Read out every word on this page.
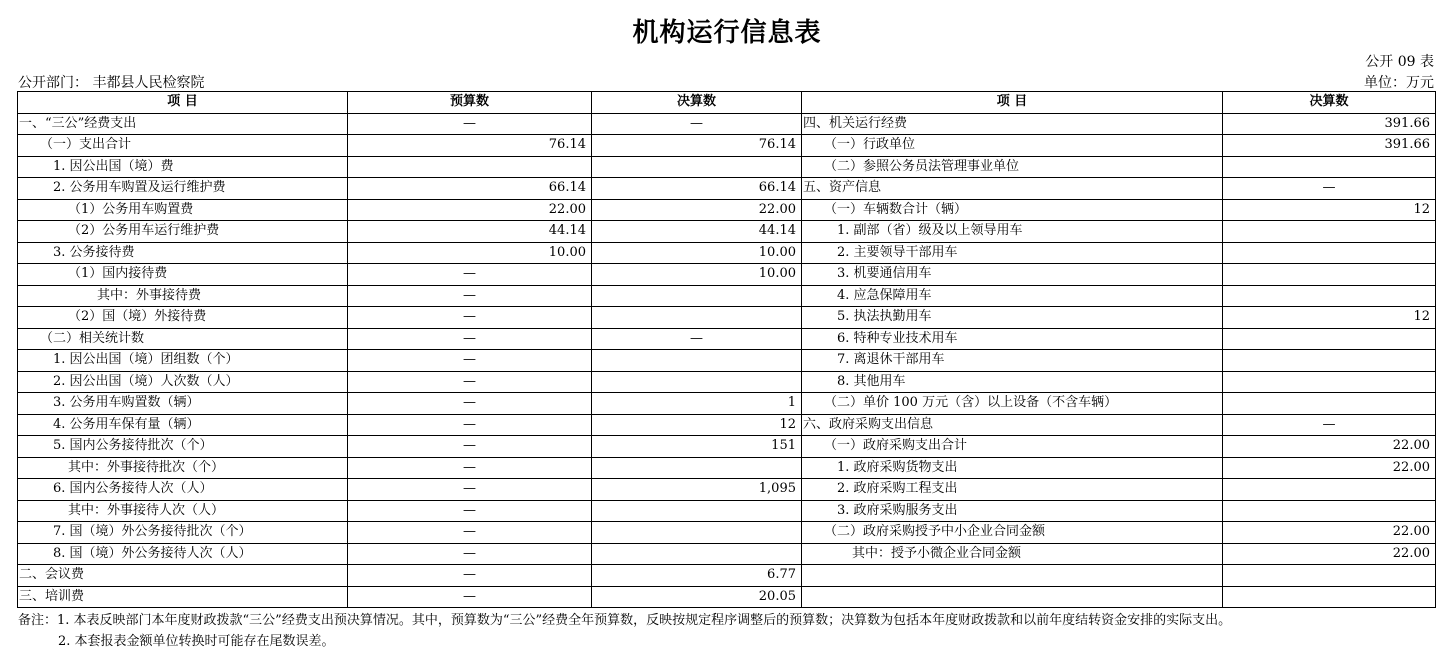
机构运行信息表
公开 09 表
公开部门： 丰都县人民检察院	单位：万元
项 目	预算数	决算数	项 目	决算数
一、“三公”经费支出	—	—	四、机关运行经费	391.66
（一）支出合计	76.14	76.14	（一）行政单位	391.66
1. 因公出国（境）费			（二）参照公务员法管理事业单位	
2. 公务用车购置及运行维护费	66.14	66.14	五、资产信息	—
（1）公务用车购置费	22.00	22.00	（一）车辆数合计（辆）	12
（2）公务用车运行维护费	44.14	44.14	1. 副部（省）级及以上领导用车	
3. 公务接待费	10.00	10.00	2. 主要领导干部用车	
（1）国内接待费	—	10.00	3. 机要通信用车	
其中：外事接待费	—		4. 应急保障用车	
（2）国（境）外接待费	—		5. 执法执勤用车	12
（二）相关统计数	—	—	6. 特种专业技术用车	
1. 因公出国（境）团组数（个）	—		7. 离退休干部用车	
2. 因公出国（境）人次数（人）	—		8. 其他用车	
3. 公务用车购置数（辆）	—	1	（二）单价 100 万元（含）以上设备（不含车辆）	
4. 公务用车保有量（辆）	—	12	六、政府采购支出信息	—
5. 国内公务接待批次（个）	—	151	（一）政府采购支出合计	22.00
其中：外事接待批次（个）	—		1. 政府采购货物支出	22.00
6. 国内公务接待人次（人）	—	1,095	2. 政府采购工程支出	
其中：外事接待人次（人）	—		3. 政府采购服务支出	
7. 国（境）外公务接待批次（个）	—		（二）政府采购授予中小企业合同金额	22.00
8. 国（境）外公务接待人次（人）	—		其中：授予小微企业合同金额	22.00
二、会议费	—	6.77		
三、培训费	—	20.05		
备注：1. 本表反映部门本年度财政拨款“三公”经费支出预决算情况。其中，预算数为“三公”经费全年预算数，反映按规定程序调整后的预算数；决算数为包括本年度财政拨款和以前年度结转资金安排的实际支出。
2. 本套报表金额单位转换时可能存在尾数误差。
